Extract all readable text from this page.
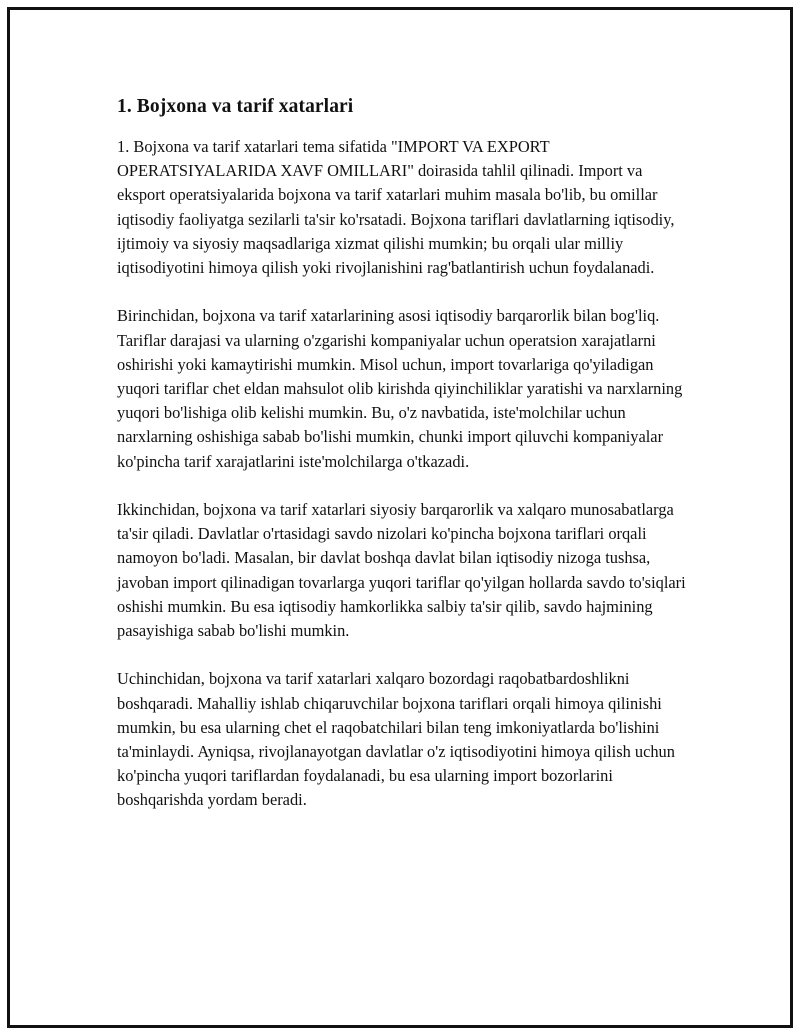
1. Bojxona va tarif xatarlari

1. Bojxona va tarif xatarlari tema sifatida "IMPORT VA EXPORT OPERATSIYALARIDA XAVF OMILLARI" doirasida tahlil qilinadi. Import va eksport operatsiyalarida bojxona va tarif xatarlari muhim masala bo'lib, bu omillar iqtisodiy faoliyatga sezilarli ta'sir ko'rsatadi. Bojxona tariflari davlatlarning iqtisodiy, ijtimoiy va siyosiy maqsadlariga xizmat qilishi mumkin; bu orqali ular milliy iqtisodiyotini himoya qilish yoki rivojlanishini rag'batlantirish uchun foydalanadi.

Birinchidan, bojxona va tarif xatarlarining asosi iqtisodiy barqarorlik bilan bog'liq. Tariflar darajasi va ularning o'zgarishi kompaniyalar uchun operatsion xarajatlarni oshirishi yoki kamaytirishi mumkin. Misol uchun, import tovarlariga qo'yiladigan yuqori tariflar chet eldan mahsulot olib kirishda qiyinchiliklar yaratishi va narxlarning yuqori bo'lishiga olib kelishi mumkin. Bu, o'z navbatida, iste'molchilar uchun narxlarning oshishiga sabab bo'lishi mumkin, chunki import qiluvchi kompaniyalar ko'pincha tarif xarajatlarini iste'molchilarga o'tkazadi.

Ikkinchidan, bojxona va tarif xatarlari siyosiy barqarorlik va xalqaro munosabatlarga ta'sir qiladi. Davlatlar o'rtasidagi savdo nizolari ko'pincha bojxona tariflari orqali namoyon bo'ladi. Masalan, bir davlat boshqa davlat bilan iqtisodiy nizoga tushsa, javoban import qilinadigan tovarlarga yuqori tariflar qo'yilgan hollarda savdo to'siqlari oshishi mumkin. Bu esa iqtisodiy hamkorlikka salbiy ta'sir qilib, savdo hajmining pasayishiga sabab bo'lishi mumkin.

Uchinchidan, bojxona va tarif xatarlari xalqaro bozordagi raqobatbardoshlikni boshqaradi. Mahalliy ishlab chiqaruvchilar bojxona tariflari orqali himoya qilinishi mumkin, bu esa ularning chet el raqobatchilari bilan teng imkoniyatlarda bo'lishini ta'minlaydi. Ayniqsa, rivojlanayotgan davlatlar o'z iqtisodiyotini himoya qilish uchun ko'pincha yuqori tariflardan foydalanadi, bu esa ularning import bozorlarini boshqarishda yordam beradi.
